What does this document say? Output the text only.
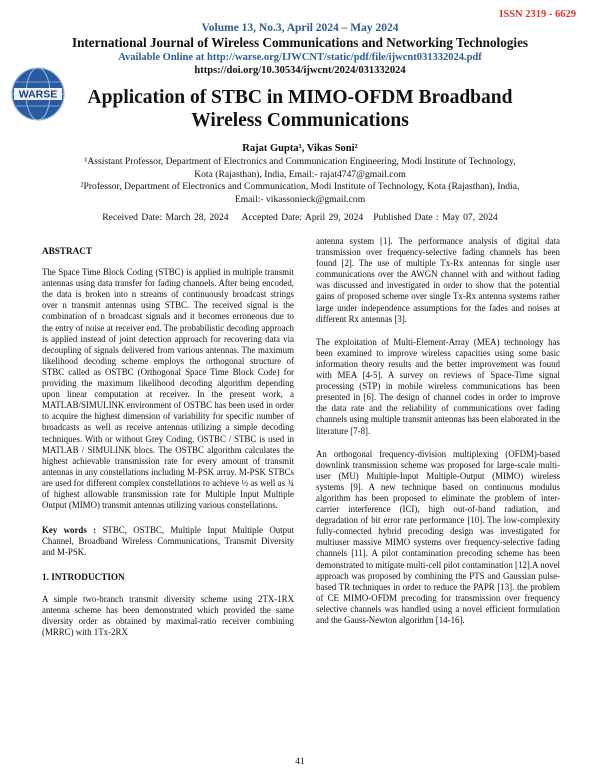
ISSN 2319 - 6629
Volume 13, No.3, April 2024 – May 2024
International Journal of Wireless Communications and Networking Technologies
Available Online at http://warse.org/IJWCNT/static/pdf/file/ijwcnt031332024.pdf
https://doi.org/10.30534/ijwcnt/2024/031332024
WARSE	Application of STBC in MIMO-OFDM Broadband
Wireless Communications
Rajat Gupta¹, Vikas Soni²
¹Assistant Professor, Department of Electronics and Communication Engineering, Modi Institute of Technology,
Kota (Rajasthan), India, Email:- rajat4747@gmail.com
²Professor, Department of Electronics and Communication, Modi Institute of Technology, Kota (Rajasthan), India,
Email:- vikassonieck@gmail.com
Received Date: March 28, 2024    Accepted Date: April 29, 2024   Published Date : May 07, 2024
ABSTRACT

The Space Time Block Coding (STBC) is applied in multiple transmit antennas using data transfer for fading channels. After being encoded, the data is broken into n streams of continuously broadcast strings over n transmit antennas using STBC. The received signal is the combination of n broadcast signals and it becomes erroneous due to the entry of noise at receiver end. The probabilistic decoding approach is applied instead of joint detection approach for recovering data via decoupling of signals delivered from various antennas. The maximum likelihood decoding scheme employs the orthogonal structure of STBC called as OSTBC (Orthogonal Space Time Block Code) for providing the maximum likelihood decoding algorithm depending upon linear computation at receiver. In the present work, a MATLAB/SIMULINK environment of OSTBC has been used in order to acquire the highest dimension of variability for specific number of broadcasts as well as receive antennas utilizing a simple decoding techniques. With or without Grey Coding, OSTBC / STBC is used in MATLAB / SIMULINK blocs. The OSTBC algorithm calculates the highest achievable transmission rate for every amount of transmit antennas in any constellations including M-PSK array. M-PSK STBCs are used for different complex constellations to achieve ½ as well as ¾ of highest allowable transmission rate for Multiple Input Multiple Output (MIMO) transmit antennas utilizing various constellations.

Key words : STBC, OSTBC, Multiple Input Multiple Output Channel, Broadband Wireless Communications, Transmit Diversity and M-PSK.

1. INTRODUCTION

A simple two-branch transmit diversity scheme using 2TX-1RX antenna scheme has been demonstrated which provided the same diversity order as obtained by maximal-ratio receiver combining (MRRC) with 1Tx-2RX

antenna system [1]. The performance analysis of digital data transmission over frequency-selective fading channels has been found [2]. The use of multiple Tx-Rx antennas for single user communications over the AWGN channel with and without fading was discussed and investigated in order to show that the potential gains of proposed scheme over single Tx-Rx antenna systems rather large under independence assumptions for the fades and noises at different Rx antennas [3].

The exploitation of Multi-Element-Array (MEA) technology has been examined to improve wireless capacities using some basic information theory results and the better improvement was found with MEA [4-5]. A survey on reviews of Space-Time signal processing (STP) in mobile wireless communications has been presented in [6]. The design of channel codes in order to improve the data rate and the reliability of communications over fading channels using multiple transmit antennas has been elaborated in the literature [7-8].

An orthogonal frequency-division multiplexing (OFDM)-based downlink transmission scheme was proposed for large-scale multi-user (MU) Multiple-Input Multiple-Output (MIMO) wireless systems [9]. A new technique based on continuous modulus algorithm has been proposed to eliminate the problem of inter-carrier interference (ICI), high out-of-band radiation, and degradation of bit error rate performance [10]. The low-complexity fully-connected hybrid precoding design was investigated for multiuser massive MIMO systems over frequency-selective fading channels [11]. A pilot contamination precoding scheme has been demonstrated to mitigate multi-cell pilot contamination [12].A novel approach was proposed by combining the PTS and Gaussian pulse-based TR techniques in order to reduce the PAPR [13]. the problem of CE MIMO-OFDM precoding for transmission over frequency selective channels was handled using a novel efficient formulation and the Gauss-Newton algorithm [14-16].

41
